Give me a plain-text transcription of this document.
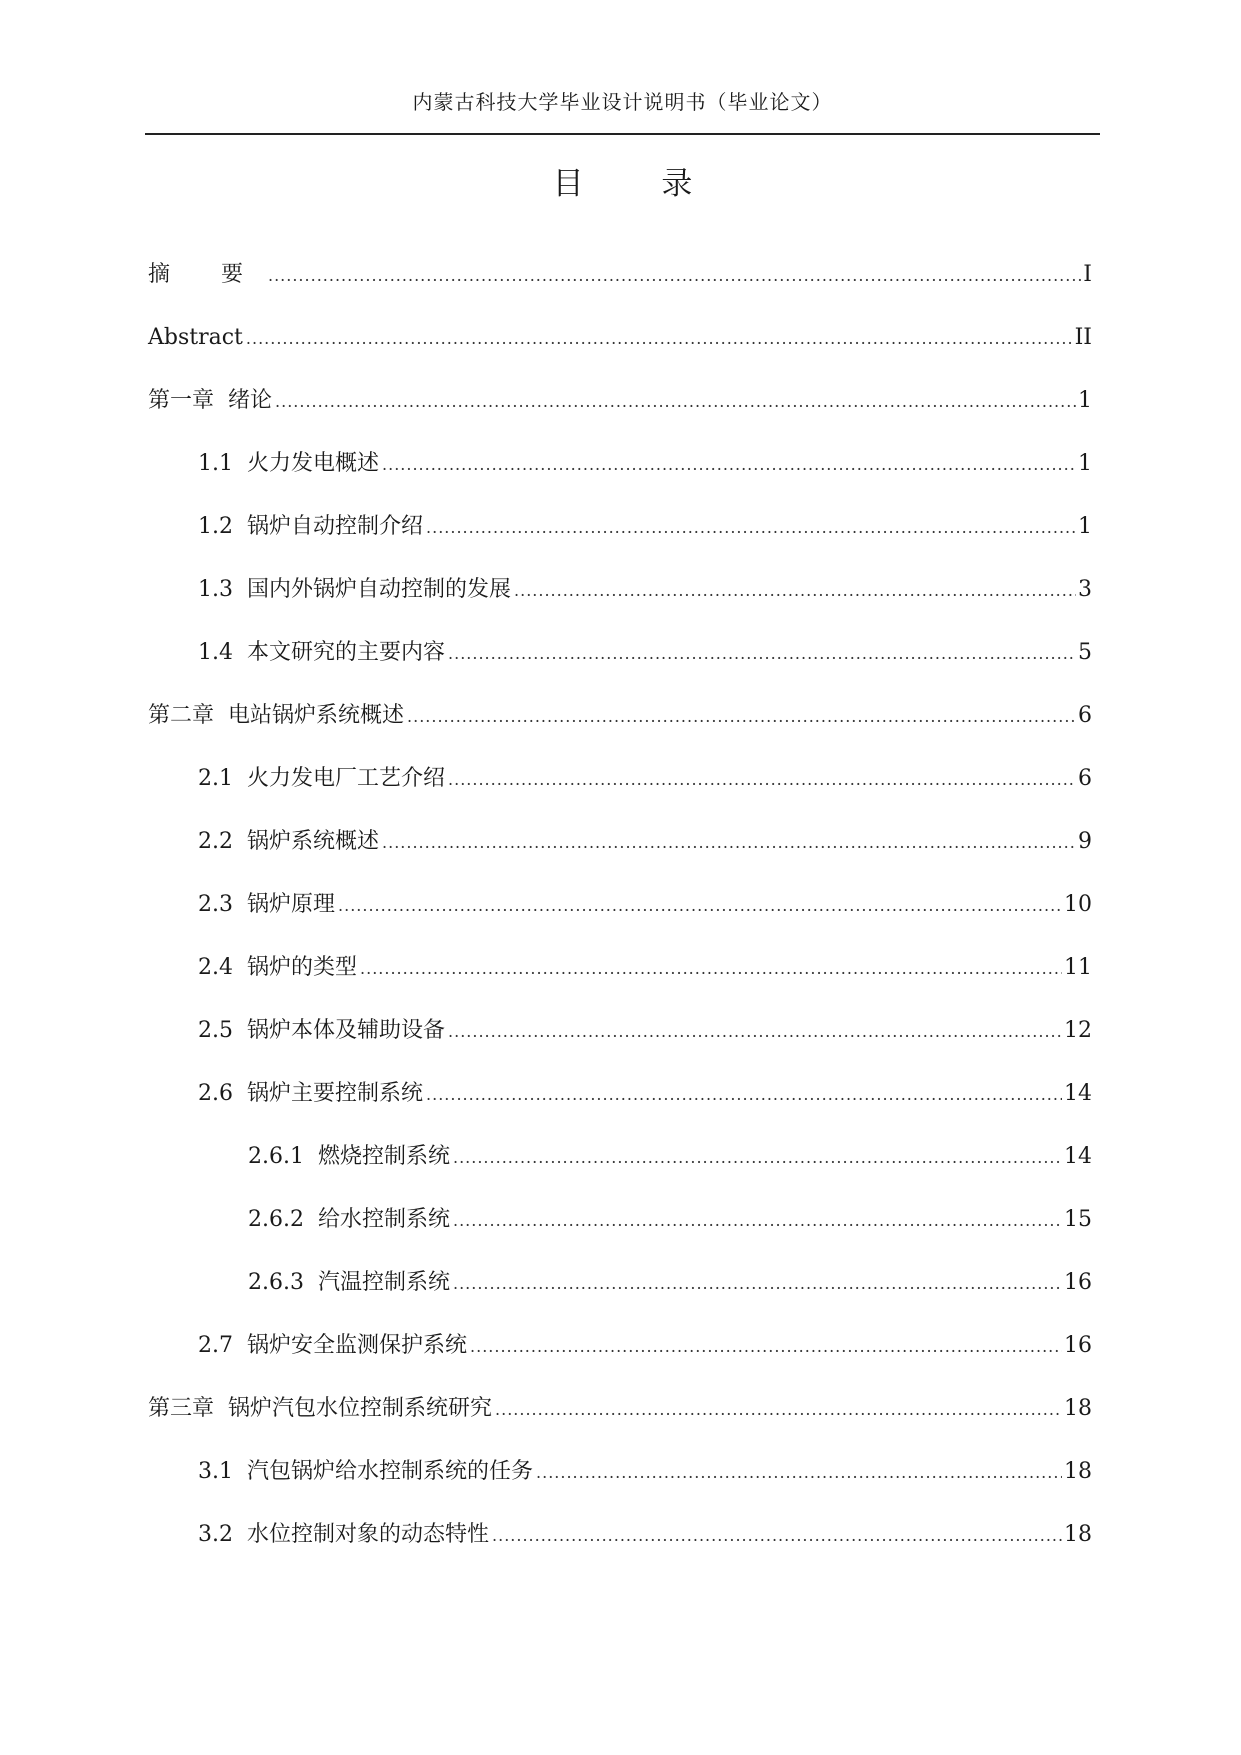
内蒙古科技大学毕业设计说明书（毕业论文）
目 录
摘 要 .....	I
Abstract .....	II
第一章 绪论 .....	1
1.1 火力发电概述 .....	1
1.2 锅炉自动控制介绍 .....	1
1.3 国内外锅炉自动控制的发展 .....	3
1.4 本文研究的主要内容 .....	5
第二章 电站锅炉系统概述 .....	6
2.1 火力发电厂工艺介绍 .....	6
2.2 锅炉系统概述 .....	9
2.3 锅炉原理 .....	10
2.4 锅炉的类型 .....	11
2.5 锅炉本体及辅助设备 .....	12
2.6 锅炉主要控制系统 .....	14
2.6.1 燃烧控制系统 .....	14
2.6.2 给水控制系统 .....	15
2.6.3 汽温控制系统 .....	16
2.7 锅炉安全监测保护系统 .....	16
第三章 锅炉汽包水位控制系统研究 .....	18
3.1 汽包锅炉给水控制系统的任务 .....	18
3.2 水位控制对象的动态特性 .....	18
